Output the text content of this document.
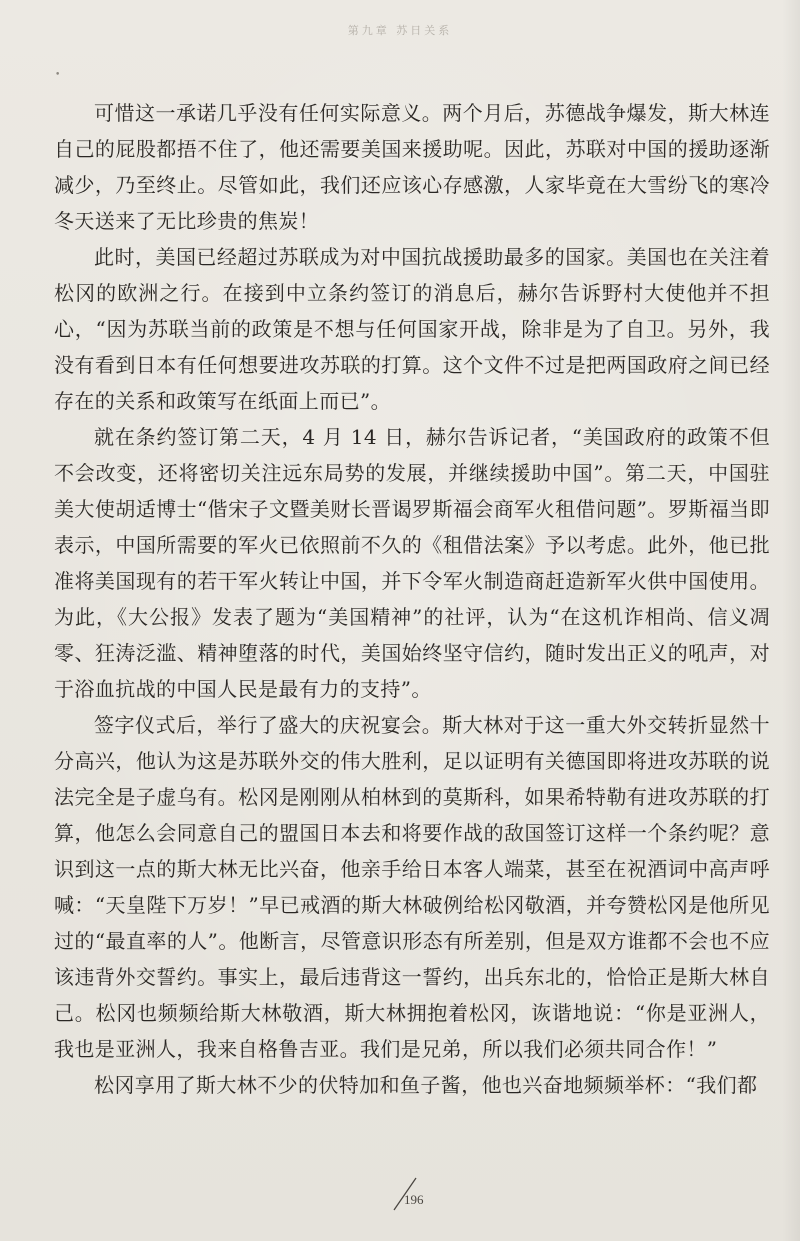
第九章 苏日关系
•

可惜这一承诺几乎没有任何实际意义。两个月后，苏德战争爆发，斯大林连自己的屁股都捂不住了，他还需要美国来援助呢。因此，苏联对中国的援助逐渐减少，乃至终止。尽管如此，我们还应该心存感激，人家毕竟在大雪纷飞的寒冷冬天送来了无比珍贵的焦炭！

此时，美国已经超过苏联成为对中国抗战援助最多的国家。美国也在关注着松冈的欧洲之行。在接到中立条约签订的消息后，赫尔告诉野村大使他并不担心，“因为苏联当前的政策是不想与任何国家开战，除非是为了自卫。另外，我没有看到日本有任何想要进攻苏联的打算。这个文件不过是把两国政府之间已经存在的关系和政策写在纸面上而已”。

就在条约签订第二天，4 月 14 日，赫尔告诉记者，“美国政府的政策不但不会改变，还将密切关注远东局势的发展，并继续援助中国”。第二天，中国驻美大使胡适博士“偕宋子文暨美财长晋谒罗斯福会商军火租借问题”。罗斯福当即表示，中国所需要的军火已依照前不久的《租借法案》予以考虑。此外，他已批准将美国现有的若干军火转让中国，并下令军火制造商赶造新军火供中国使用。为此，《大公报》发表了题为“美国精神”的社评，认为“在这机诈相尚、信义凋零、狂涛泛滥、精神堕落的时代，美国始终坚守信约，随时发出正义的吼声，对于浴血抗战的中国人民是最有力的支持”。

签字仪式后，举行了盛大的庆祝宴会。斯大林对于这一重大外交转折显然十分高兴，他认为这是苏联外交的伟大胜利，足以证明有关德国即将进攻苏联的说法完全是子虚乌有。松冈是刚刚从柏林到的莫斯科，如果希特勒有进攻苏联的打算，他怎么会同意自己的盟国日本去和将要作战的敌国签订这样一个条约呢？意识到这一点的斯大林无比兴奋，他亲手给日本客人端菜，甚至在祝酒词中高声呼喊：“天皇陛下万岁！”早已戒酒的斯大林破例给松冈敬酒，并夸赞松冈是他所见过的“最直率的人”。他断言，尽管意识形态有所差别，但是双方谁都不会也不应该违背外交誓约。事实上，最后违背这一誓约，出兵东北的，恰恰正是斯大林自己。松冈也频频给斯大林敬酒，斯大林拥抱着松冈，诙谐地说：“你是亚洲人，我也是亚洲人，我来自格鲁吉亚。我们是兄弟，所以我们必须共同合作！”

松冈享用了斯大林不少的伏特加和鱼子酱，他也兴奋地频频举杯：“我们都

196
